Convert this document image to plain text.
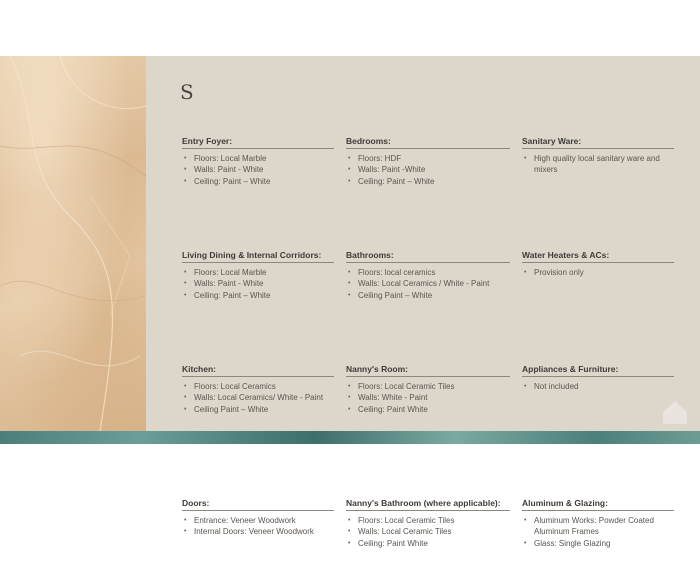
S
Entry Foyer:
• Floors: Local Marble
• Walls: Paint - White
• Ceiling: Paint – White
Bedrooms:
• Floors: HDF
• Walls: Paint -White
• Ceiling: Paint – White
Sanitary Ware:
• High quality local sanitary ware and mixers
Living Dining & Internal Corridors:
• Floors: Local Marble
• Walls: Paint - White
• Ceiling: Paint – White
Bathrooms:
• Floors: local ceramics
• Walls: Local Ceramics / White - Paint
• Ceiling Paint – White
Water Heaters & ACs:
• Provision only
Kitchen:
• Floors: Local Ceramics
• Walls: Local Ceramics/ White - Paint
• Ceiling Paint – White
Nanny's Room:
• Floors: Local Ceramic Tiles
• Walls: White - Paint
• Ceiling: Paint White
Appliances & Furniture:
• Not included
Doors:
• Entrance: Veneer Woodwork
• Internal Doors: Veneer Woodwork
Nanny's Bathroom (where applicable):
• Floors: Local Ceramic Tiles
• Walls: Local Ceramic Tiles
• Ceiling: Paint White
Aluminum & Glazing:
• Aluminum Works: Powder Coated Aluminum Frames
• Glass: Single Glazing
